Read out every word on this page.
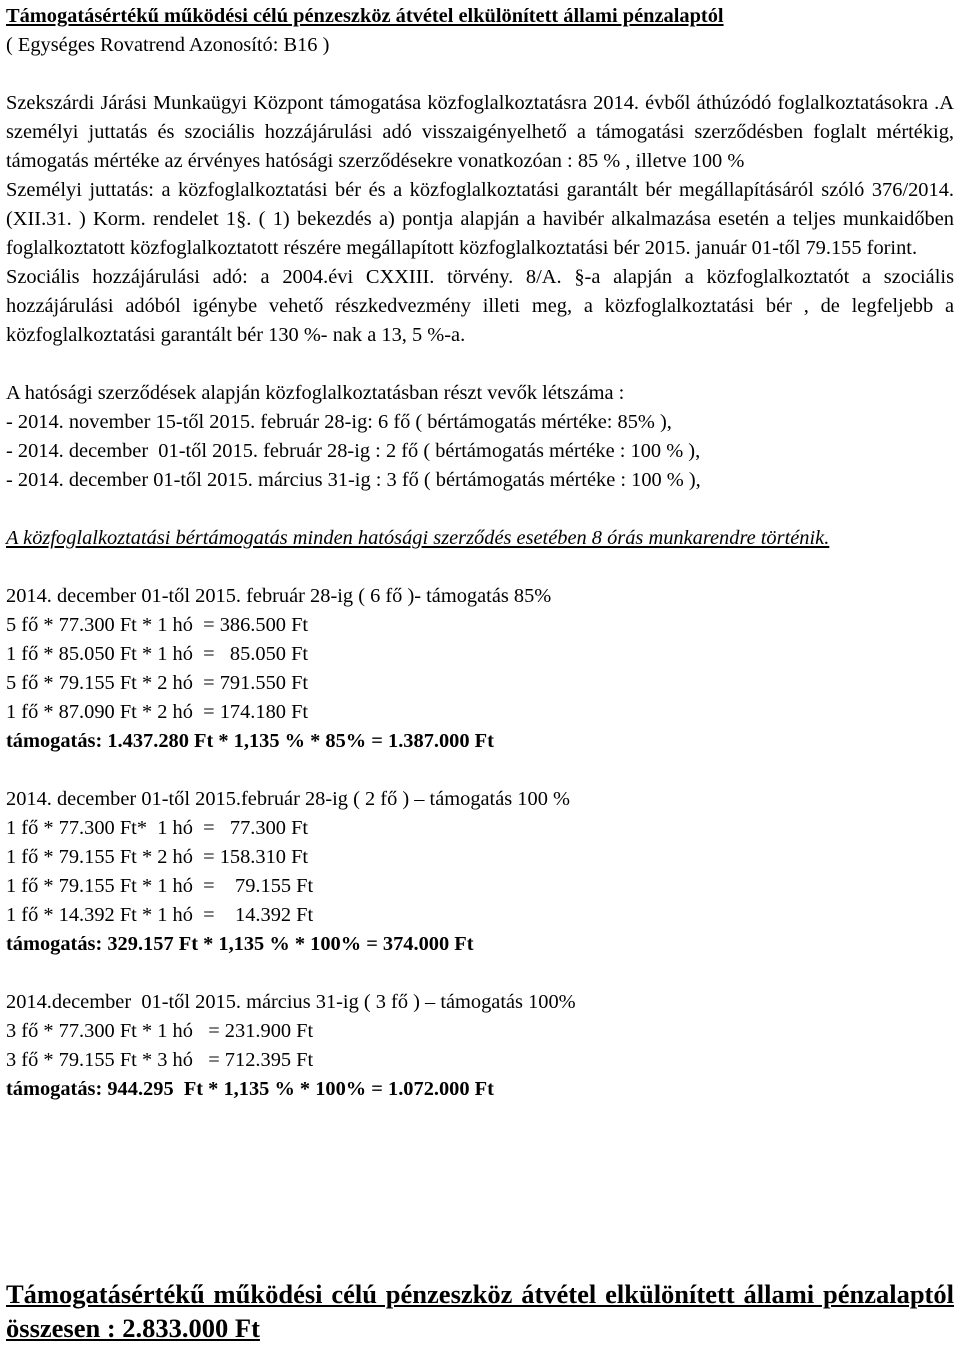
Támogatásértékű működési célú pénzeszköz átvétel elkülönített állami pénzalaptól

( Egységes Rovatrend Azonosító: B16 )

Szekszárdi Járási Munkaügyi Központ támogatása közfoglalkoztatásra 2014. évből áthúzódó foglalkoztatásokra .A személyi juttatás és szociális hozzájárulási adó visszaigényelhető a támogatási szerződésben foglalt mértékig, támogatás mértéke az érvényes hatósági szerződésekre vonatkozóan : 85 % , illetve 100 %

Személyi juttatás: a közfoglalkoztatási bér és a közfoglalkoztatási garantált bér megállapításáról szóló 376/2014.(XII.31. ) Korm. rendelet 1§. ( 1) bekezdés a) pontja alapján a havibér alkalmazása esetén a teljes munkaidőben foglalkoztatott közfoglalkoztatott részére megállapított közfoglalkoztatási bér 2015. január 01-től 79.155 forint.

Szociális hozzájárulási adó: a 2004.évi CXXIII. törvény. 8/A. §-a alapján a közfoglalkoztatót a szociális hozzájárulási adóból igénybe vehető részkedvezmény illeti meg, a közfoglalkoztatási bér , de legfeljebb a közfoglalkoztatási garantált bér 130 %- nak a 13, 5 %-a.

A hatósági szerződések alapján közfoglalkoztatásban részt vevők létszáma :

- 2014. november 15-től 2015. február 28-ig: 6 fő ( bértámogatás mértéke: 85% ),

- 2014. december  01-től 2015. február 28-ig : 2 fő ( bértámogatás mértéke : 100 % ),

- 2014. december 01-től 2015. március 31-ig : 3 fő ( bértámogatás mértéke : 100 % ),

A közfoglalkoztatási bértámogatás minden hatósági szerződés esetében 8 órás munkarendre történik.

2014. december 01-től 2015. február 28-ig ( 6 fő )- támogatás 85%

5 fő * 77.300 Ft * 1 hó  = 386.500 Ft

1 fő * 85.050 Ft * 1 hó  =   85.050 Ft

5 fő * 79.155 Ft * 2 hó  = 791.550 Ft

1 fő * 87.090 Ft * 2 hó  = 174.180 Ft

támogatás: 1.437.280 Ft * 1,135 % * 85% = 1.387.000 Ft

2014. december 01-től 2015.február 28-ig ( 2 fő ) – támogatás 100 %

1 fő * 77.300 Ft*  1 hó  =   77.300 Ft

1 fő * 79.155 Ft * 2 hó  = 158.310 Ft

1 fő * 79.155 Ft * 1 hó  =    79.155 Ft

1 fő * 14.392 Ft * 1 hó  =    14.392 Ft

támogatás: 329.157 Ft * 1,135 % * 100% = 374.000 Ft

2014.december  01-től 2015. március 31-ig ( 3 fő ) – támogatás 100%

3 fő * 77.300 Ft * 1 hó   = 231.900 Ft

3 fő * 79.155 Ft * 3 hó   = 712.395 Ft

támogatás: 944.295  Ft * 1,135 % * 100% = 1.072.000 Ft

Támogatásértékű működési célú pénzeszköz átvétel elkülönített állami pénzalaptól összesen : 2.833.000 Ft
